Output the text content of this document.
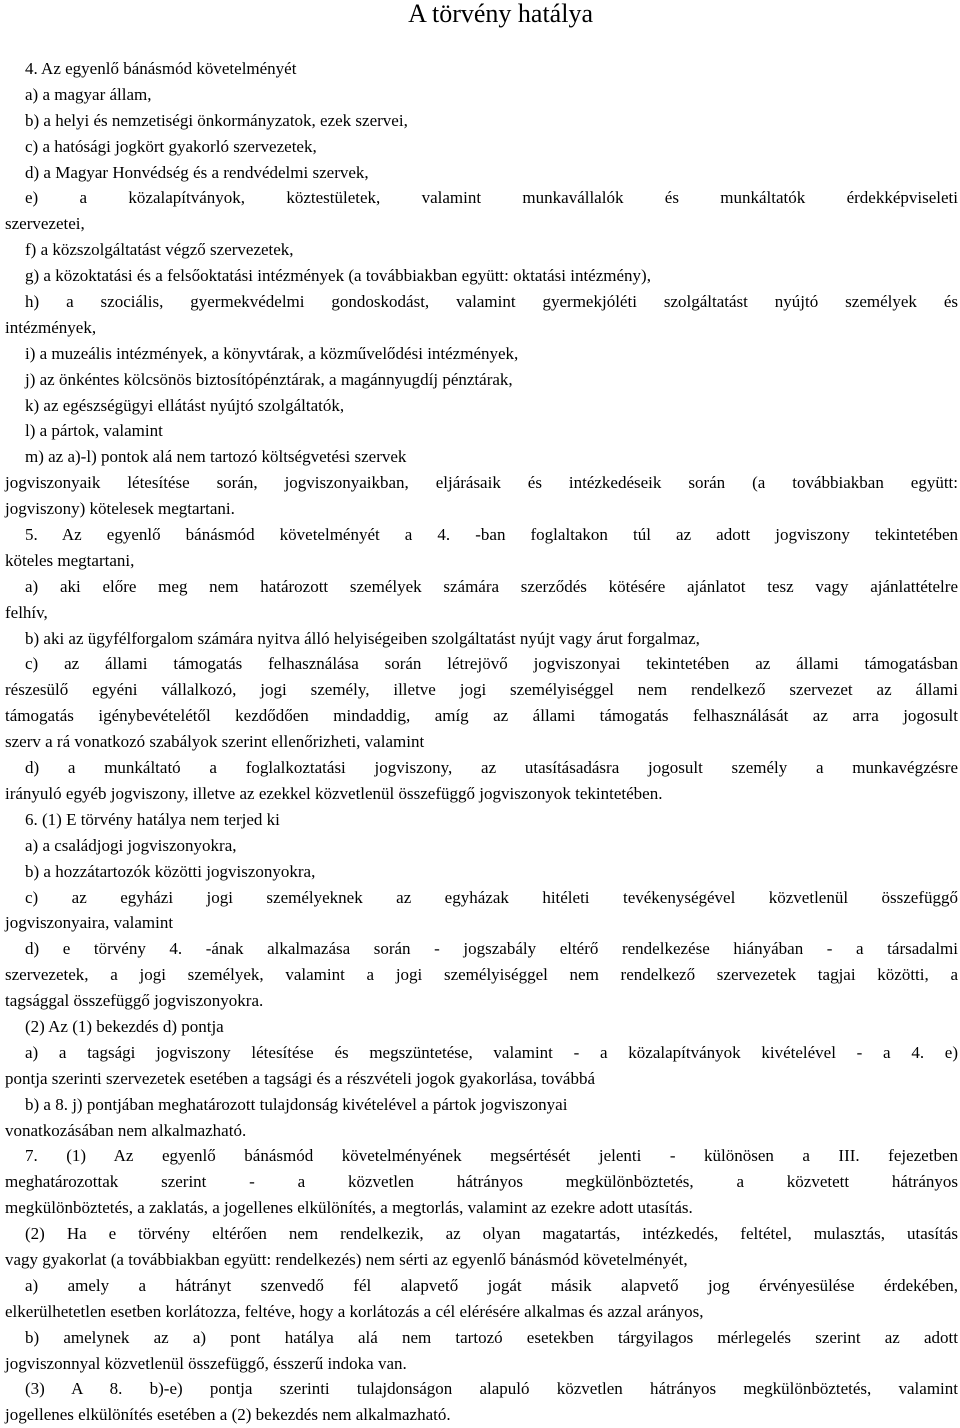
A törvény hatálya
4. Az egyenlő bánásmód követelményét
a) a magyar állam,
b) a helyi és nemzetiségi önkormányzatok, ezek szervei,
c) a hatósági jogkört gyakorló szervezetek,
d) a Magyar Honvédség és a rendvédelmi szervek,
e) a közalapítványok, köztestületek, valamint munkavállalók és munkáltatók érdekképviseleti
szervezetei,
f) a közszolgáltatást végző szervezetek,
g) a közoktatási és a felsőoktatási intézmények (a továbbiakban együtt: oktatási intézmény),
h) a szociális, gyermekvédelmi gondoskodást, valamint gyermekjóléti szolgáltatást nyújtó személyek és
intézmények,
i) a muzeális intézmények, a könyvtárak, a közművelődési intézmények,
j) az önkéntes kölcsönös biztosítópénztárak, a magánnyugdíj pénztárak,
k) az egészségügyi ellátást nyújtó szolgáltatók,
l) a pártok, valamint
m) az a)-l) pontok alá nem tartozó költségvetési szervek
jogviszonyaik létesítése során, jogviszonyaikban, eljárásaik és intézkedéseik során (a továbbiakban együtt:
jogviszony) kötelesek megtartani.
5. Az egyenlő bánásmód követelményét a 4. -ban foglaltakon túl az adott jogviszony tekintetében
köteles megtartani,
a) aki előre meg nem határozott személyek számára szerződés kötésére ajánlatot tesz vagy ajánlattételre
felhív,
b) aki az ügyfélforgalom számára nyitva álló helyiségeiben szolgáltatást nyújt vagy árut forgalmaz,
c) az állami támogatás felhasználása során létrejövő jogviszonyai tekintetében az állami támogatásban
részesülő egyéni vállalkozó, jogi személy, illetve jogi személyiséggel nem rendelkező szervezet az állami
támogatás igénybevételétől kezdődően mindaddig, amíg az állami támogatás felhasználását az arra jogosult
szerv a rá vonatkozó szabályok szerint ellenőrizheti, valamint
d) a munkáltató a foglalkoztatási jogviszony, az utasításadásra jogosult személy a munkavégzésre
irányuló egyéb jogviszony, illetve az ezekkel közvetlenül összefüggő jogviszonyok tekintetében.
6. (1) E törvény hatálya nem terjed ki
a) a családjogi jogviszonyokra,
b) a hozzátartozók közötti jogviszonyokra,
c) az egyházi jogi személyeknek az egyházak hitéleti tevékenységével közvetlenül összefüggő
jogviszonyaira, valamint
d) e törvény 4. -ának alkalmazása során - jogszabály eltérő rendelkezése hiányában - a társadalmi
szervezetek, a jogi személyek, valamint a jogi személyiséggel nem rendelkező szervezetek tagjai közötti, a
tagsággal összefüggő jogviszonyokra.
(2) Az (1) bekezdés d) pontja
a) a tagsági jogviszony létesítése és megszüntetése, valamint - a közalapítványok kivételével - a 4. e)
pontja szerinti szervezetek esetében a tagsági és a részvételi jogok gyakorlása, továbbá
b) a 8. j) pontjában meghatározott tulajdonság kivételével a pártok jogviszonyai
vonatkozásában nem alkalmazható.
7. (1) Az egyenlő bánásmód követelményének megsértését jelenti - különösen a III. fejezetben
meghatározottak szerint - a közvetlen hátrányos megkülönböztetés, a közvetett hátrányos
megkülönböztetés, a zaklatás, a jogellenes elkülönítés, a megtorlás, valamint az ezekre adott utasítás.
(2) Ha e törvény eltérően nem rendelkezik, az olyan magatartás, intézkedés, feltétel, mulasztás, utasítás
vagy gyakorlat (a továbbiakban együtt: rendelkezés) nem sérti az egyenlő bánásmód követelményét,
a) amely a hátrányt szenvedő fél alapvető jogát másik alapvető jog érvényesülése érdekében,
elkerülhetetlen esetben korlátozza, feltéve, hogy a korlátozás a cél elérésére alkalmas és azzal arányos,
b) amelynek az a) pont hatálya alá nem tartozó esetekben tárgyilagos mérlegelés szerint az adott
jogviszonnyal közvetlenül összefüggő, ésszerű indoka van.
(3) A 8. b)-e) pontja szerinti tulajdonságon alapuló közvetlen hátrányos megkülönböztetés, valamint
jogellenes elkülönítés esetében a (2) bekezdés nem alkalmazható.
